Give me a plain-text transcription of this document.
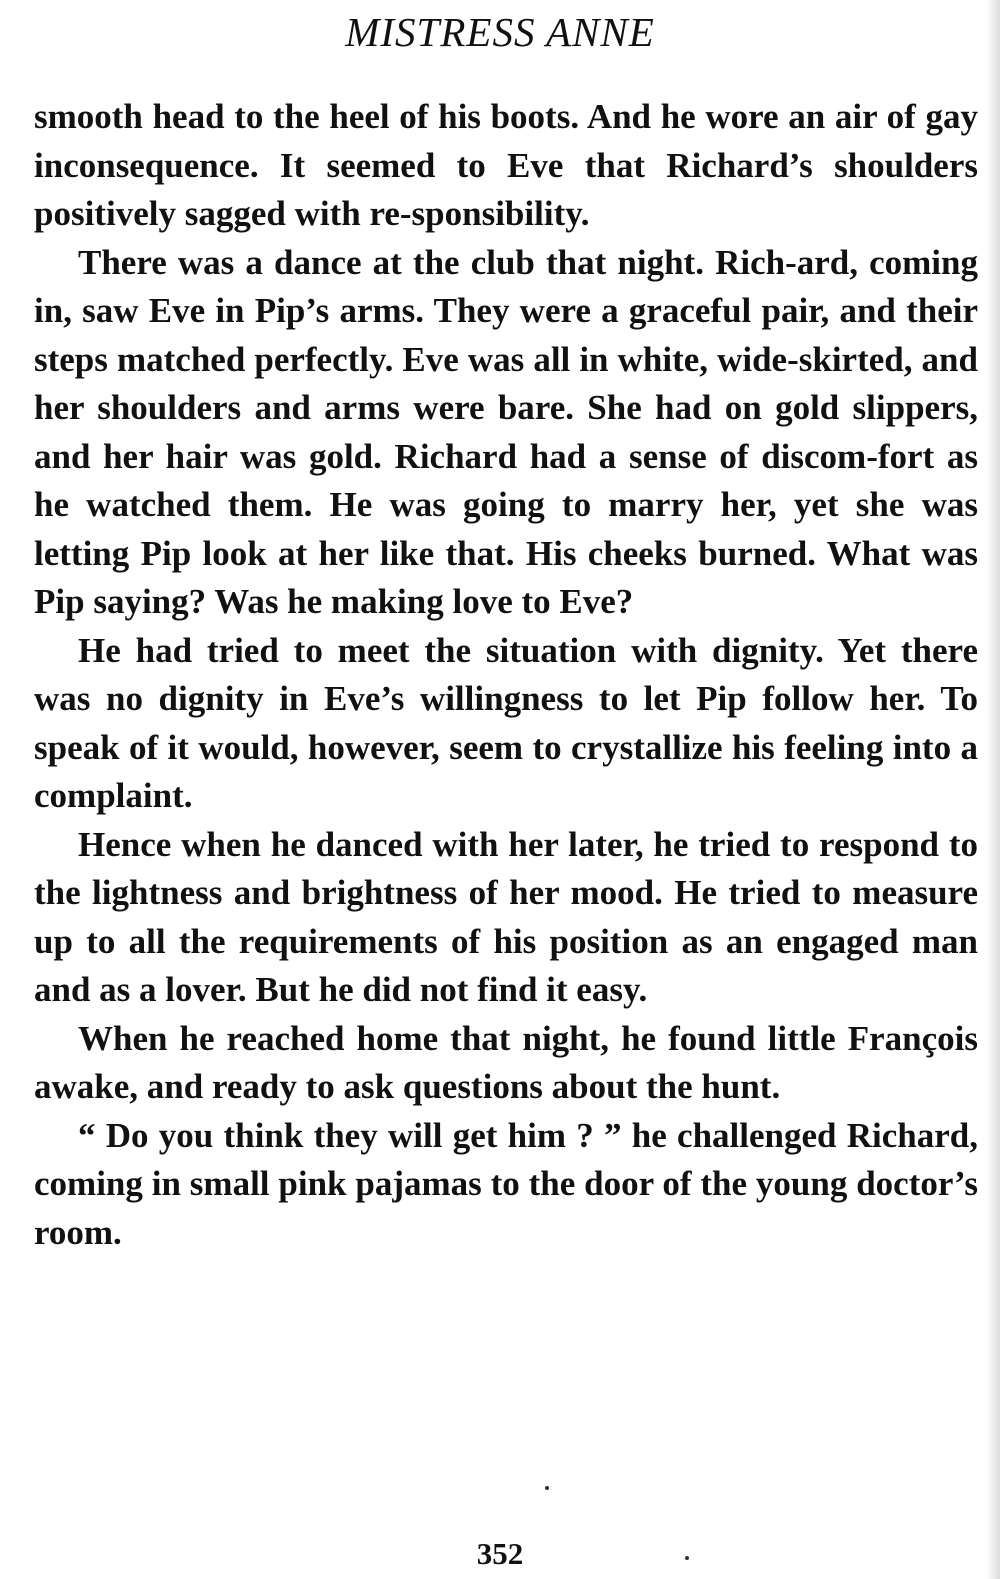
MISTRESS ANNE

smooth head to the heel of his boots. And he wore an air of gay inconsequence. It seemed to Eve that Richard’s shoulders positively sagged with re-sponsibility.

There was a dance at the club that night. Rich-ard, coming in, saw Eve in Pip’s arms. They were a graceful pair, and their steps matched perfectly. Eve was all in white, wide-skirted, and her shoulders and arms were bare. She had on gold slippers, and her hair was gold. Richard had a sense of discom-fort as he watched them. He was going to marry her, yet she was letting Pip look at her like that. His cheeks burned. What was Pip saying? Was he making love to Eve?

He had tried to meet the situation with dignity. Yet there was no dignity in Eve’s willingness to let Pip follow her. To speak of it would, however, seem to crystallize his feeling into a complaint.

Hence when he danced with her later, he tried to respond to the lightness and brightness of her mood. He tried to measure up to all the requirements of his position as an engaged man and as a lover. But he did not find it easy.

When he reached home that night, he found little François awake, and ready to ask questions about the hunt.

“ Do you think they will get him ? ” he challenged Richard, coming in small pink pajamas to the door of the young doctor’s room.

352
